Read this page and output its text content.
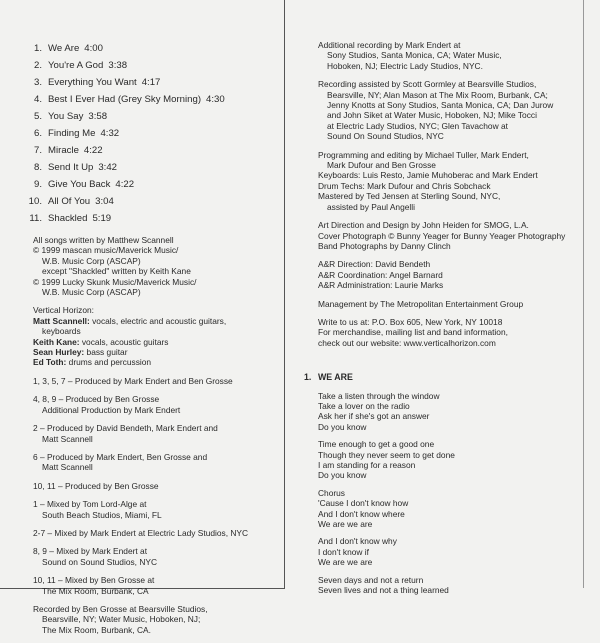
1. We Are 4:00
2. You're A God 3:38
3. Everything You Want 4:17
4. Best I Ever Had (Grey Sky Morning) 4:30
5. You Say 3:58
6. Finding Me 4:32
7. Miracle 4:22
8. Send It Up 3:42
9. Give You Back 4:22
10. All Of You 3:04
11. Shackled 5:19
All songs written by Matthew Scannell
© 1999 mascan music/Maverick Music/
W.B. Music Corp (ASCAP)
except "Shackled" written by Keith Kane
© 1999 Lucky Skunk Music/Maverick Music/
W.B. Music Corp (ASCAP)
Vertical Horizon:
Matt Scannell: vocals, electric and acoustic guitars,
keyboards
Keith Kane: vocals, acoustic guitars
Sean Hurley: bass guitar
Ed Toth: drums and percussion
1, 3, 5, 7 – Produced by Mark Endert and Ben Grosse
4, 8, 9 – Produced by Ben Grosse
Additional Production by Mark Endert
2 – Produced by David Bendeth, Mark Endert and
Matt Scannell
6 – Produced by Mark Endert, Ben Grosse and
Matt Scannell
10, 11 – Produced by Ben Grosse
1 – Mixed by Tom Lord-Alge at
South Beach Studios, Miami, FL
2-7 – Mixed by Mark Endert at Electric Lady Studios, NYC
8, 9 – Mixed by Mark Endert at
Sound on Sound Studios, NYC
10, 11 – Mixed by Ben Grosse at
The Mix Room, Burbank, CA
Recorded by Ben Grosse at Bearsville Studios,
Bearsville, NY; Water Music, Hoboken, NJ;
The Mix Room, Burbank, CA.
Additional recording by Mark Endert at
Sony Studios, Santa Monica, CA; Water Music,
Hoboken, NJ; Electric Lady Studios, NYC.
Recording assisted by Scott Gormley at Bearsville Studios,
Bearsville, NY; Alan Mason at The Mix Room, Burbank, CA;
Jenny Knotts at Sony Studios, Santa Monica, CA; Dan Jurow
and John Siket at Water Music, Hoboken, NJ; Mike Tocci
at Electric Lady Studios, NYC; Glen Tavachow at
Sound On Sound Studios, NYC
Programming and editing by Michael Tuller, Mark Endert,
Mark Dufour and Ben Grosse
Keyboards: Luis Resto, Jamie Muhoberac and Mark Endert
Drum Techs: Mark Dufour and Chris Sobchack
Mastered by Ted Jensen at Sterling Sound, NYC,
assisted by Paul Angelli
Art Direction and Design by John Heiden for SMOG, L.A.
Cover Photograph © Bunny Yeager for Bunny Yeager Photography
Band Photographs by Danny Clinch
A&R Direction: David Bendeth
A&R Coordination: Angel Barnard
A&R Administration: Laurie Marks
Management by The Metropolitan Entertainment Group
Write to us at: P.O. Box 605, New York, NY 10018
For merchandise, mailing list and band information,
check out our website: www.verticalhorizon.com
1. WE ARE
Take a listen through the window
Take a lover on the radio
Ask her if she's got an answer
Do you know
Time enough to get a good one
Though they never seem to get done
I am standing for a reason
Do you know
Chorus
'Cause I don't know how
And I don't know where
We are we are
And I don't know why
I don't know if
We are we are
Seven days and not a return
Seven lives and not a thing learned
